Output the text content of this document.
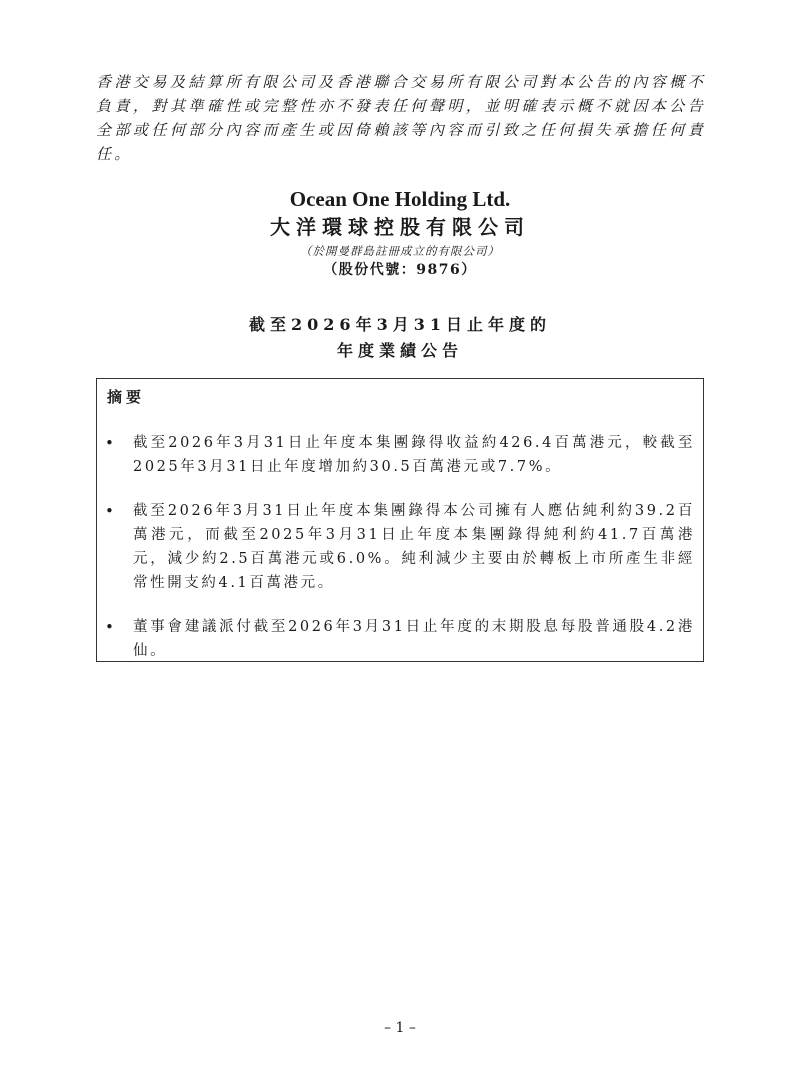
香港交易及結算所有限公司及香港聯合交易所有限公司對本公告的內容概不負責，對其準確性或完整性亦不發表任何聲明，並明確表示概不就因本公告全部或任何部分內容而產生或因倚賴該等內容而引致之任何損失承擔任何責任。
Ocean One Holding Ltd.
大洋環球控股有限公司
（於開曼群島註冊成立的有限公司）
（股份代號：9876）
截至2026年3月31日止年度的
年度業績公告
摘要
• 截至2026年3月31日止年度本集團錄得收益約426.4百萬港元，較截至2025年3月31日止年度增加約30.5百萬港元或7.7%。
• 截至2026年3月31日止年度本集團錄得本公司擁有人應佔純利約39.2百萬港元，而截至2025年3月31日止年度本集團錄得純利約41.7百萬港元，減少約2.5百萬港元或6.0%。純利減少主要由於轉板上市所產生非經常性開支約4.1百萬港元。
• 董事會建議派付截至2026年3月31日止年度的末期股息每股普通股4.2港仙。
– 1 –
